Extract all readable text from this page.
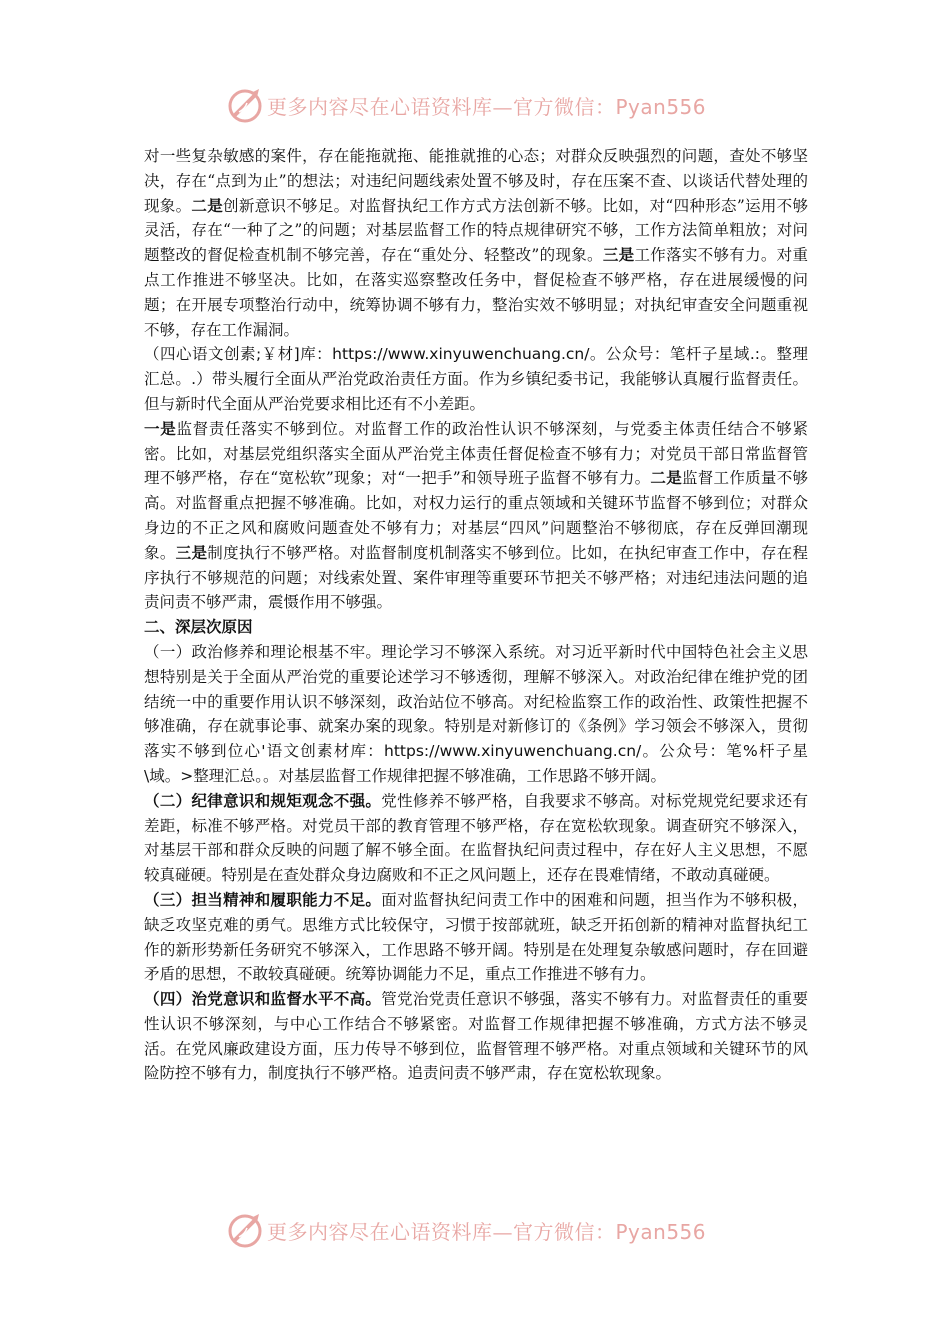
更多内容尽在心语资料库—官方微信：Pyan556

对一些复杂敏感的案件，存在能拖就拖、能推就推的心态；对群众反映强烈的问题，查处不够坚决，存在“点到为止”的想法；对违纪问题线索处置不够及时，存在压案不查、以谈话代替处理的现象。二是创新意识不够足。对监督执纪工作方式方法创新不够。比如，对“四种形态”运用不够灵活，存在“一种了之”的问题；对基层监督工作的特点规律研究不够，工作方法简单粗放；对问题整改的督促检查机制不够完善，存在“重处分、轻整改”的现象。三是工作落实不够有力。对重点工作推进不够坚决。比如，在落实巡察整改任务中，督促检查不够严格，存在进展缓慢的问题；在开展专项整治行动中，统筹协调不够有力，整治实效不够明显；对执纪审查安全问题重视不够，存在工作漏洞。

（四心语文创素;￥材]库：https://www.xinyuwenchuang.cn/。公众号：笔杆子星域.:。整理汇总。.）带头履行全面从严治党政治责任方面。作为乡镇纪委书记，我能够认真履行监督责任。但与新时代全面从严治党要求相比还有不小差距。

一是监督责任落实不够到位。对监督工作的政治性认识不够深刻，与党委主体责任结合不够紧密。比如，对基层党组织落实全面从严治党主体责任督促检查不够有力；对党员干部日常监督管理不够严格，存在“宽松软”现象；对“一把手”和领导班子监督不够有力。二是监督工作质量不够高。对监督重点把握不够准确。比如，对权力运行的重点领域和关键环节监督不够到位；对群众身边的不正之风和腐败问题查处不够有力；对基层“四风”问题整治不够彻底，存在反弹回潮现象。三是制度执行不够严格。对监督制度机制落实不够到位。比如，在执纪审查工作中，存在程序执行不够规范的问题；对线索处置、案件审理等重要环节把关不够严格；对违纪违法问题的追责问责不够严肃，震慑作用不够强。

二、深层次原因

（一）政治修养和理论根基不牢。理论学习不够深入系统。对习近平新时代中国特色社会主义思想特别是关于全面从严治党的重要论述学习不够透彻，理解不够深入。对政治纪律在维护党的团结统一中的重要作用认识不够深刻，政治站位不够高。对纪检监察工作的政治性、政策性把握不够准确，存在就事论事、就案办案的现象。特别是对新修订的《条例》学习领会不够深入，贯彻落实不够到位心'语文创素材库：https://www.xinyuwenchuang.cn/。公众号：笔%杆子星\域。>整理汇总。。对基层监督工作规律把握不够准确，工作思路不够开阔。

（二）纪律意识和规矩观念不强。党性修养不够严格，自我要求不够高。对标党规党纪要求还有差距，标准不够严格。对党员干部的教育管理不够严格，存在宽松软现象。调查研究不够深入，对基层干部和群众反映的问题了解不够全面。在监督执纪问责过程中，存在好人主义思想，不愿较真碰硬。特别是在查处群众身边腐败和不正之风问题上，还存在畏难情绪，不敢动真碰硬。

（三）担当精神和履职能力不足。面对监督执纪问责工作中的困难和问题，担当作为不够积极，缺乏攻坚克难的勇气。思维方式比较保守，习惯于按部就班，缺乏开拓创新的精神对监督执纪工作的新形势新任务研究不够深入，工作思路不够开阔。特别是在处理复杂敏感问题时，存在回避矛盾的思想，不敢较真碰硬。统筹协调能力不足，重点工作推进不够有力。

（四）治党意识和监督水平不高。管党治党责任意识不够强，落实不够有力。对监督责任的重要性认识不够深刻，与中心工作结合不够紧密。对监督工作规律把握不够准确，方式方法不够灵活。在党风廉政建设方面，压力传导不够到位，监督管理不够严格。对重点领域和关键环节的风险防控不够有力，制度执行不够严格。追责问责不够严肃，存在宽松软现象。

更多内容尽在心语资料库—官方微信：Pyan556
